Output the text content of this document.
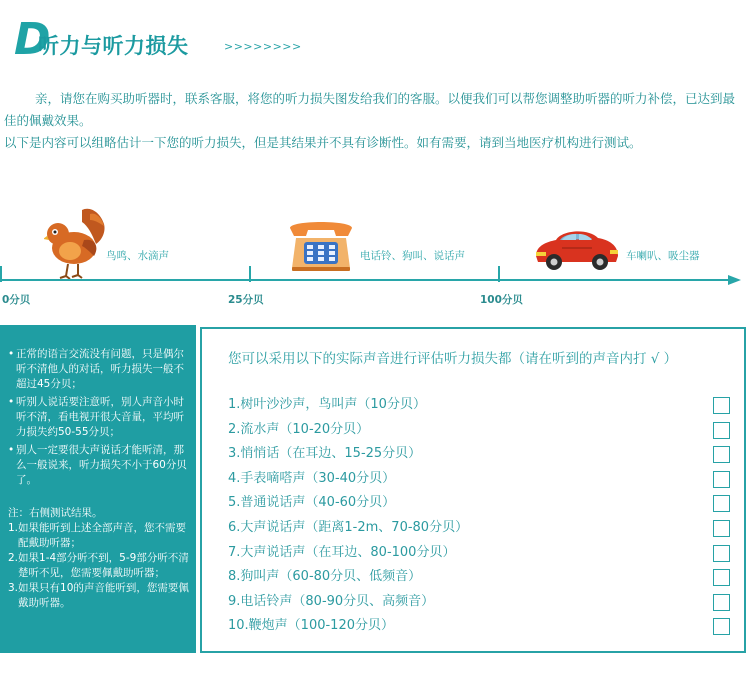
D
听力与听力损失	>>>>>>>>

亲，请您在购买助听器时，联系客服，将您的听力损失图发给我们的客服。以便我们可以帮您调整助听器的听力补偿，已达到最佳的佩戴效果。

以下是内容可以组略估计一下您的听力损失，但是其结果并不具有诊断性。如有需要，请到当地医疗机构进行测试。

鸟鸣、水滴声	电话铃、狗叫、说话声	车喇叭、吸尘器
0分贝	25分贝	100分贝
• 正常的语言交流没有问题，只是偶尔听不清他人的对话，听力损失一般不超过45分贝；
• 听别人说话要注意听，别人声音小时听不清，看电视开很大音量，平均听力损失约50-55分贝；
• 别人一定要很大声说话才能听清，那么一般说来，听力损失不小于60分贝了。
注：右侧测试结果。
1.如果能听到上述全部声音，您不需要配戴助听器；
2.如果1-4部分听不到，5-9部分听不清楚听不见，您需要佩戴助听器；
3.如果只有10的声音能听到，您需要佩戴助听器。
您可以采用以下的实际声音进行评估听力损失都（请在听到的声音内打 √ ）
1.树叶沙沙声，鸟叫声（10分贝）
2.流水声（10-20分贝）
3.悄悄话（在耳边、15-25分贝）
4.手表嘀嗒声（30-40分贝）
5.普通说话声（40-60分贝）
6.大声说话声（距离1-2m、70-80分贝）
7.大声说话声（在耳边、80-100分贝）
8.狗叫声（60-80分贝、低频音）
9.电话铃声（80-90分贝、高频音）
10.鞭炮声（100-120分贝）
